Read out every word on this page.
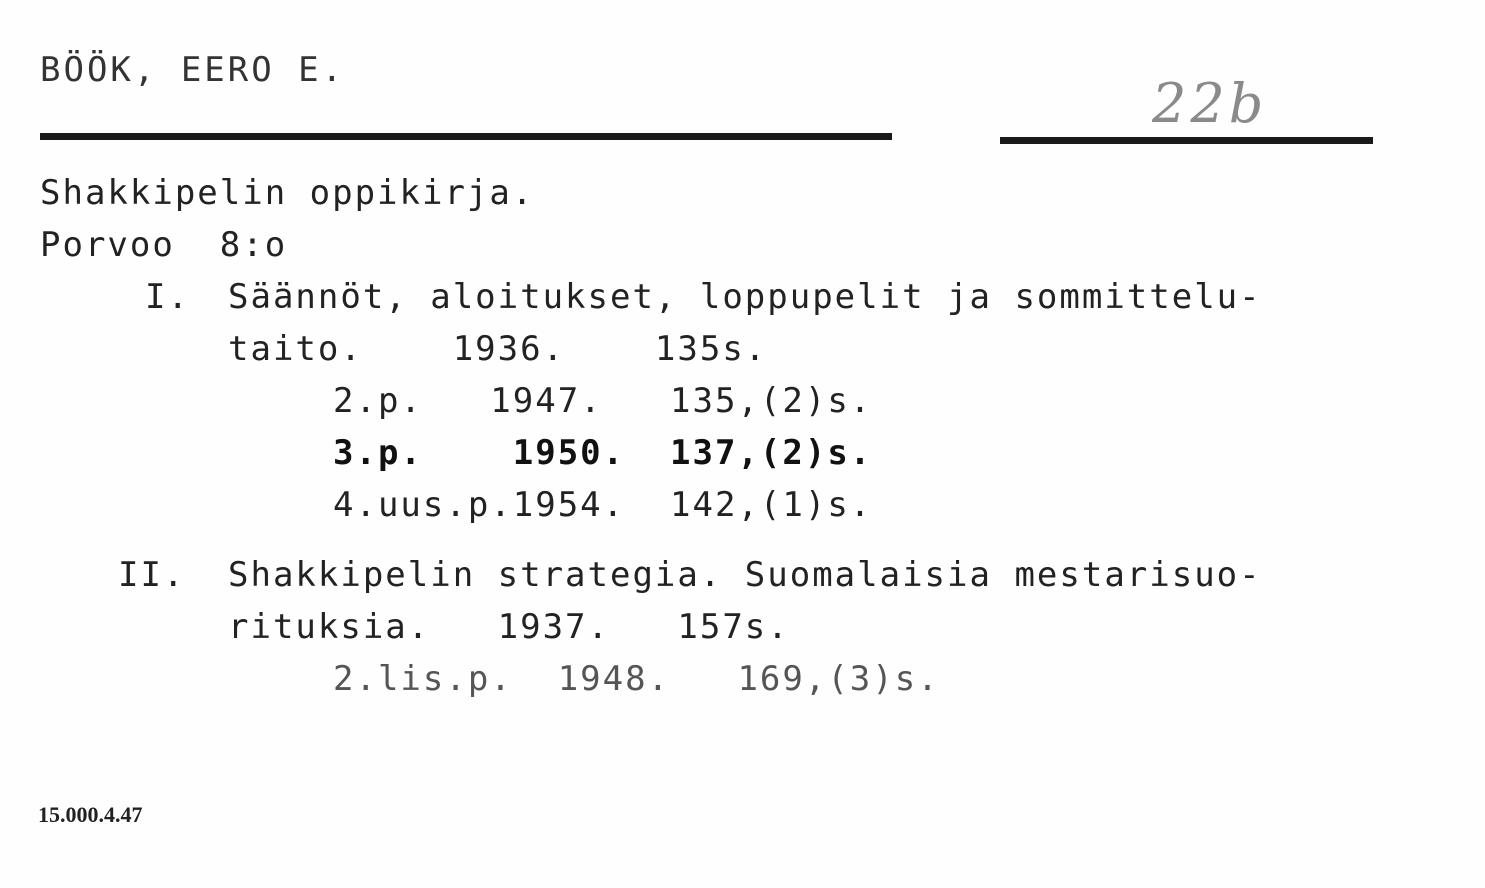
BÖÖK, EERO E.
22b
Shakkipelin oppikirja.
Porvoo  8:o
I. Säännöt, aloitukset, loppupelit ja sommittelu-
taito.    1936.    135s.
2.p.   1947.   135,(2)s.
3.p.    1950.  137,(2)s.
4.uus.p.1954.  142,(1)s.
II. Shakkipelin strategia. Suomalaisia mestarisuo-
rituksia.   1937.   157s.
2.lis.p.  1948.   169,(3)s.
15.000.4.47
